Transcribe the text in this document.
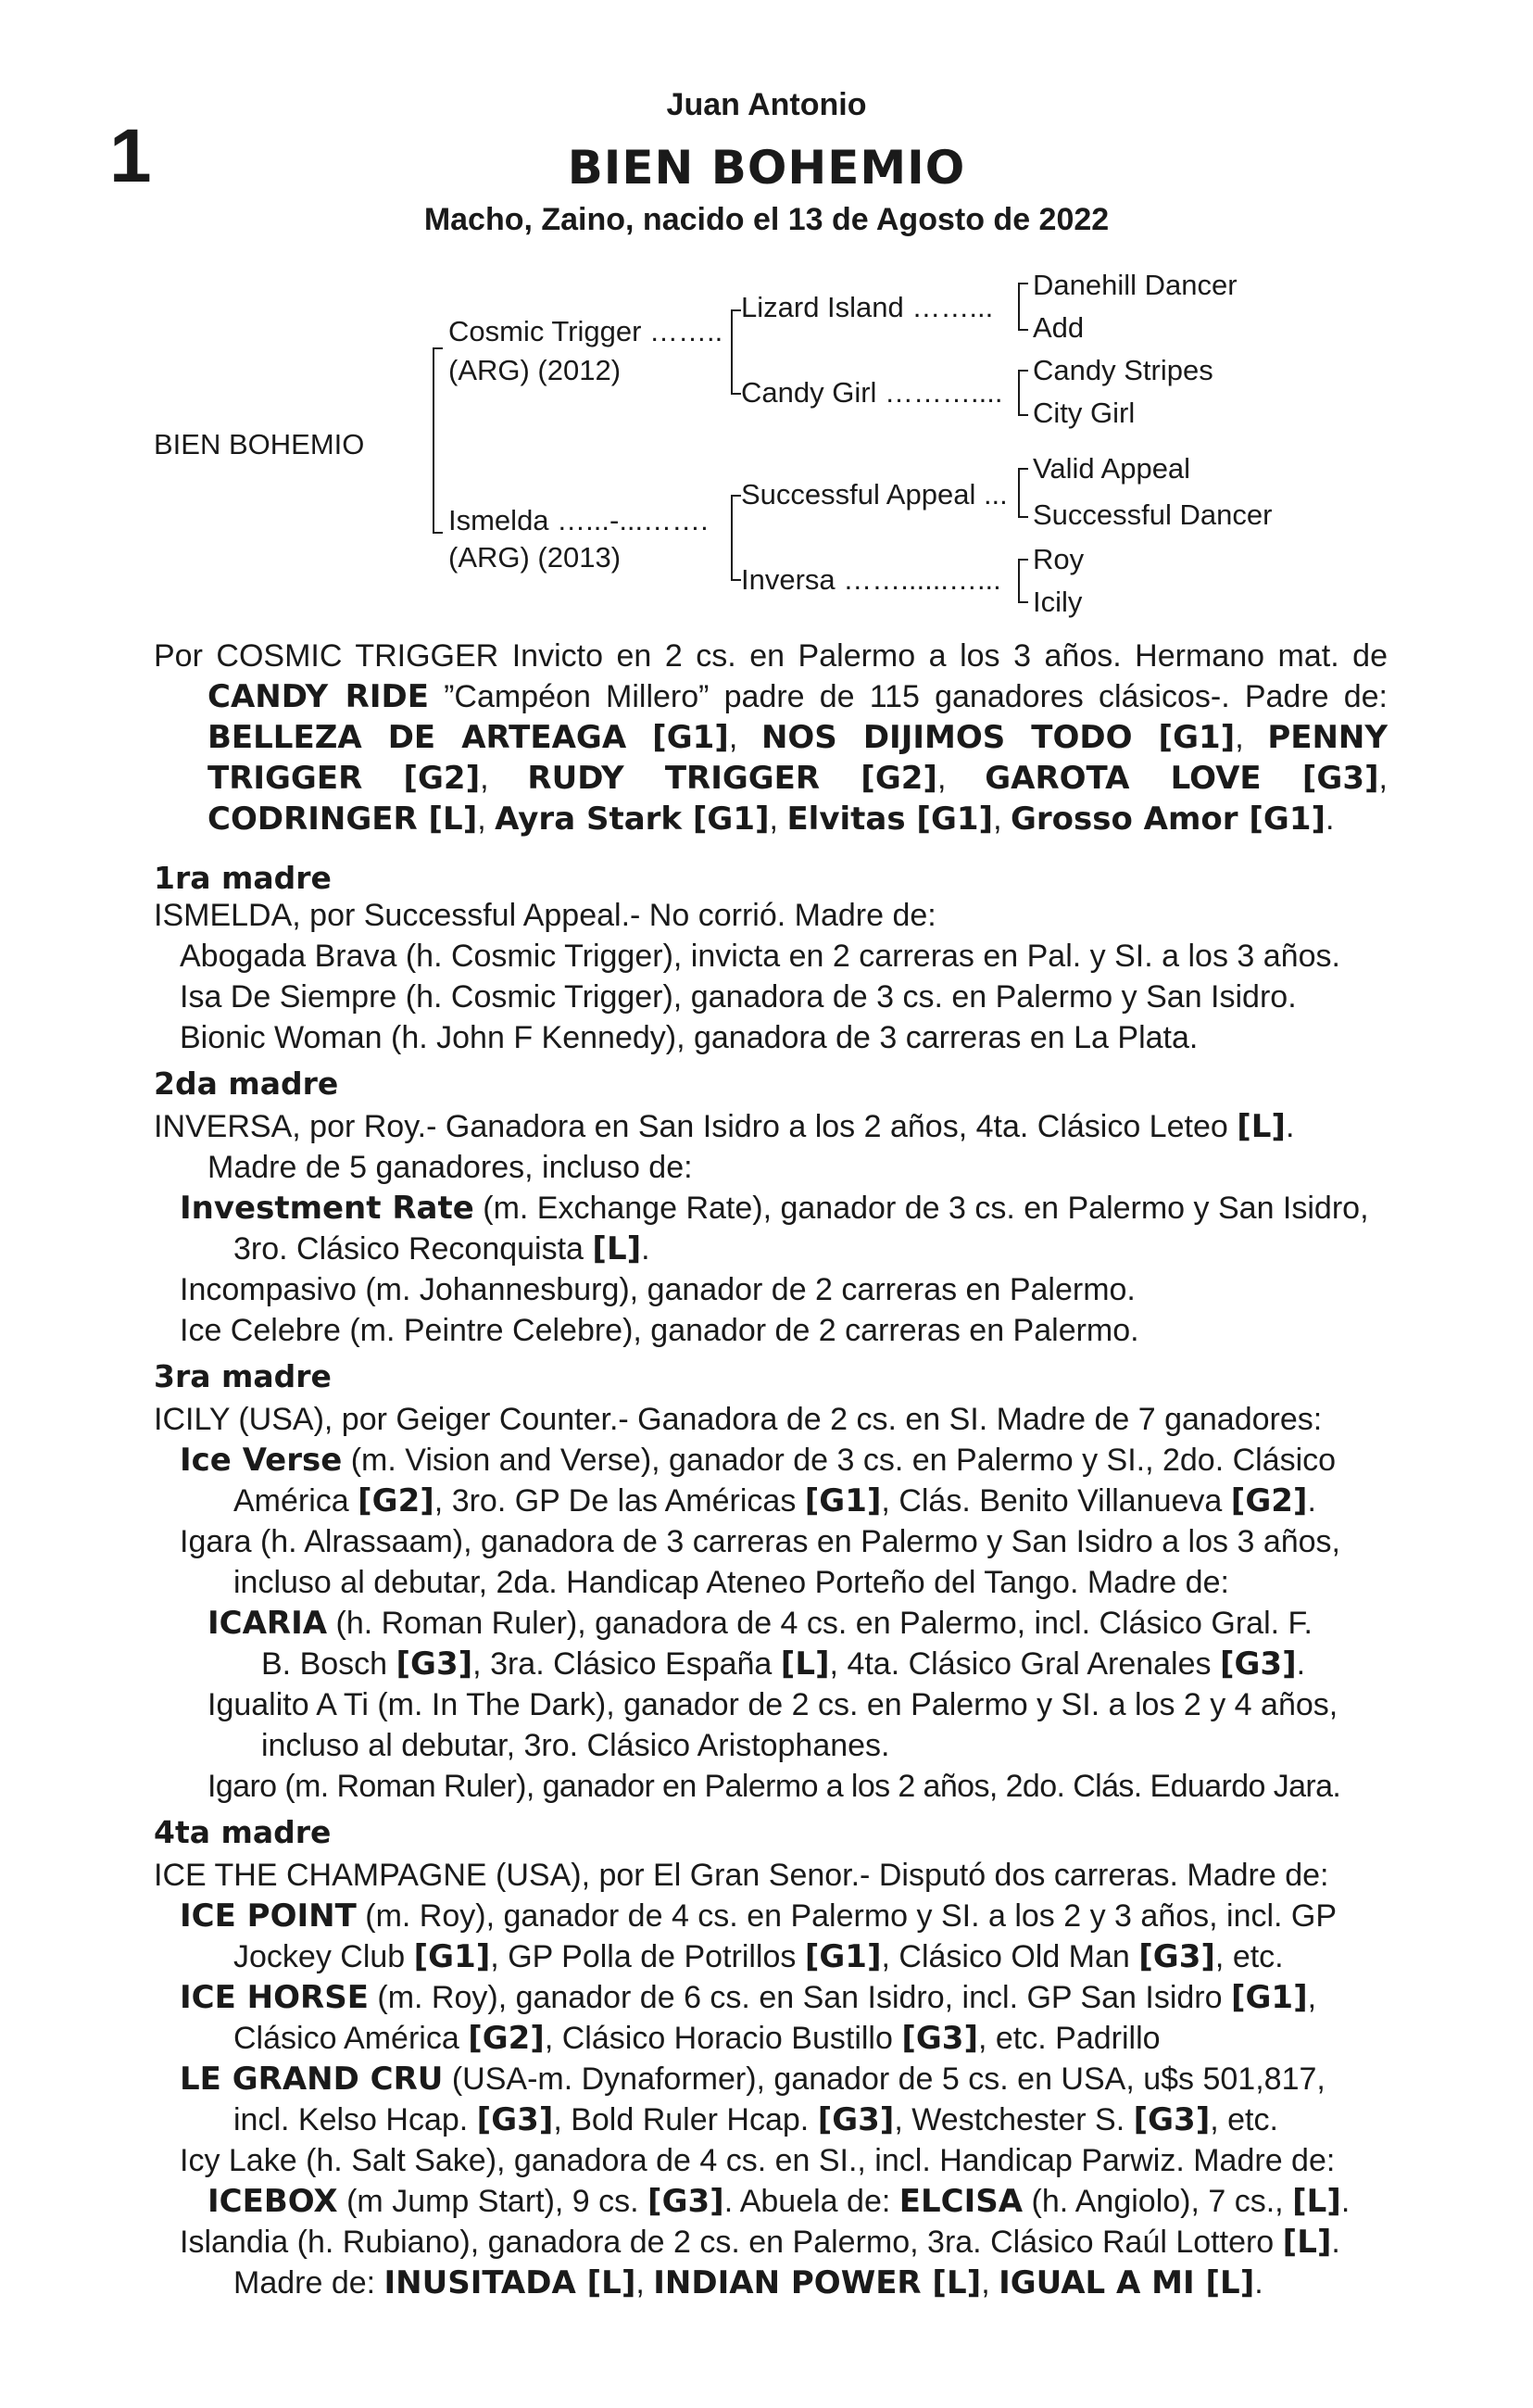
1
Juan Antonio
BIEN BOHEMIO
Macho, Zaino, nacido el 13 de Agosto de 2022
BIEN BOHEMIO
Cosmic Trigger ……..
(ARG) (2012)
Ismelda …...-...…….
(ARG) (2013)
Lizard Island ……...
Candy Girl ………....
Successful Appeal ...
Inversa ……......…...
Danehill Dancer
Add
Candy Stripes
City Girl
Valid Appeal
Successful Dancer
Roy
Icily

Por COSMIC TRIGGER Invicto en 2 cs. en Palermo a los 3 años. Hermano mat. de CANDY RIDE ”Campéon Millero” padre de 115 ganadores clásicos-. Padre de: BELLEZA DE ARTEAGA [G1], NOS DIJIMOS TODO [G1], PENNY TRIGGER [G2], RUDY TRIGGER [G2], GAROTA LOVE [G3], CODRINGER [L], Ayra Stark [G1], Elvitas [G1], Grosso Amor [G1].

1ra madre
ISMELDA, por Successful Appeal.- No corrió. Madre de:
Abogada Brava (h. Cosmic Trigger), invicta en 2 carreras en Pal. y SI. a los 3 años.
Isa De Siempre (h. Cosmic Trigger), ganadora de 3 cs. en Palermo y San Isidro.
Bionic Woman (h. John F Kennedy), ganadora de 3 carreras en La Plata.
2da madre
INVERSA, por Roy.- Ganadora en San Isidro a los 2 años, 4ta. Clásico Leteo [L].
Madre de 5 ganadores, incluso de:
Investment Rate (m. Exchange Rate), ganador de 3 cs. en Palermo y San Isidro,
3ro. Clásico Reconquista [L].
Incompasivo (m. Johannesburg), ganador de 2 carreras en Palermo.
Ice Celebre (m. Peintre Celebre), ganador de 2 carreras en Palermo.
3ra madre
ICILY (USA), por Geiger Counter.- Ganadora de 2 cs. en SI. Madre de 7 ganadores:
Ice Verse (m. Vision and Verse), ganador de 3 cs. en Palermo y SI., 2do. Clásico
América [G2], 3ro. GP De las Américas [G1], Clás. Benito Villanueva [G2].
Igara (h. Alrassaam), ganadora de 3 carreras en Palermo y San Isidro a los 3 años,
incluso al debutar, 2da. Handicap Ateneo Porteño del Tango. Madre de:
ICARIA (h. Roman Ruler), ganadora de 4 cs. en Palermo, incl. Clásico Gral. F.
B. Bosch [G3], 3ra. Clásico España [L], 4ta. Clásico Gral Arenales [G3].
Igualito A Ti (m. In The Dark), ganador de 2 cs. en Palermo y SI. a los 2 y 4 años,
incluso al debutar, 3ro. Clásico Aristophanes.
Igaro (m. Roman Ruler), ganador en Palermo a los 2 años, 2do. Clás. Eduardo Jara.
4ta madre
ICE THE CHAMPAGNE (USA), por El Gran Senor.- Disputó dos carreras. Madre de:
ICE POINT (m. Roy), ganador de 4 cs. en Palermo y SI. a los 2 y 3 años, incl. GP
Jockey Club [G1], GP Polla de Potrillos [G1], Clásico Old Man [G3], etc.
ICE HORSE (m. Roy), ganador de 6 cs. en San Isidro, incl. GP San Isidro [G1],
Clásico América [G2], Clásico Horacio Bustillo [G3], etc. Padrillo
LE GRAND CRU (USA-m. Dynaformer), ganador de 5 cs. en USA, u$s 501,817,
incl. Kelso Hcap. [G3], Bold Ruler Hcap. [G3], Westchester S. [G3], etc.
Icy Lake (h. Salt Sake), ganadora de 4 cs. en SI., incl. Handicap Parwiz. Madre de:
ICEBOX (m Jump Start), 9 cs. [G3]. Abuela de: ELCISA (h. Angiolo), 7 cs., [L].
Islandia (h. Rubiano), ganadora de 2 cs. en Palermo, 3ra. Clásico Raúl Lottero [L].
Madre de: INUSITADA [L], INDIAN POWER [L], IGUAL A MI [L].
